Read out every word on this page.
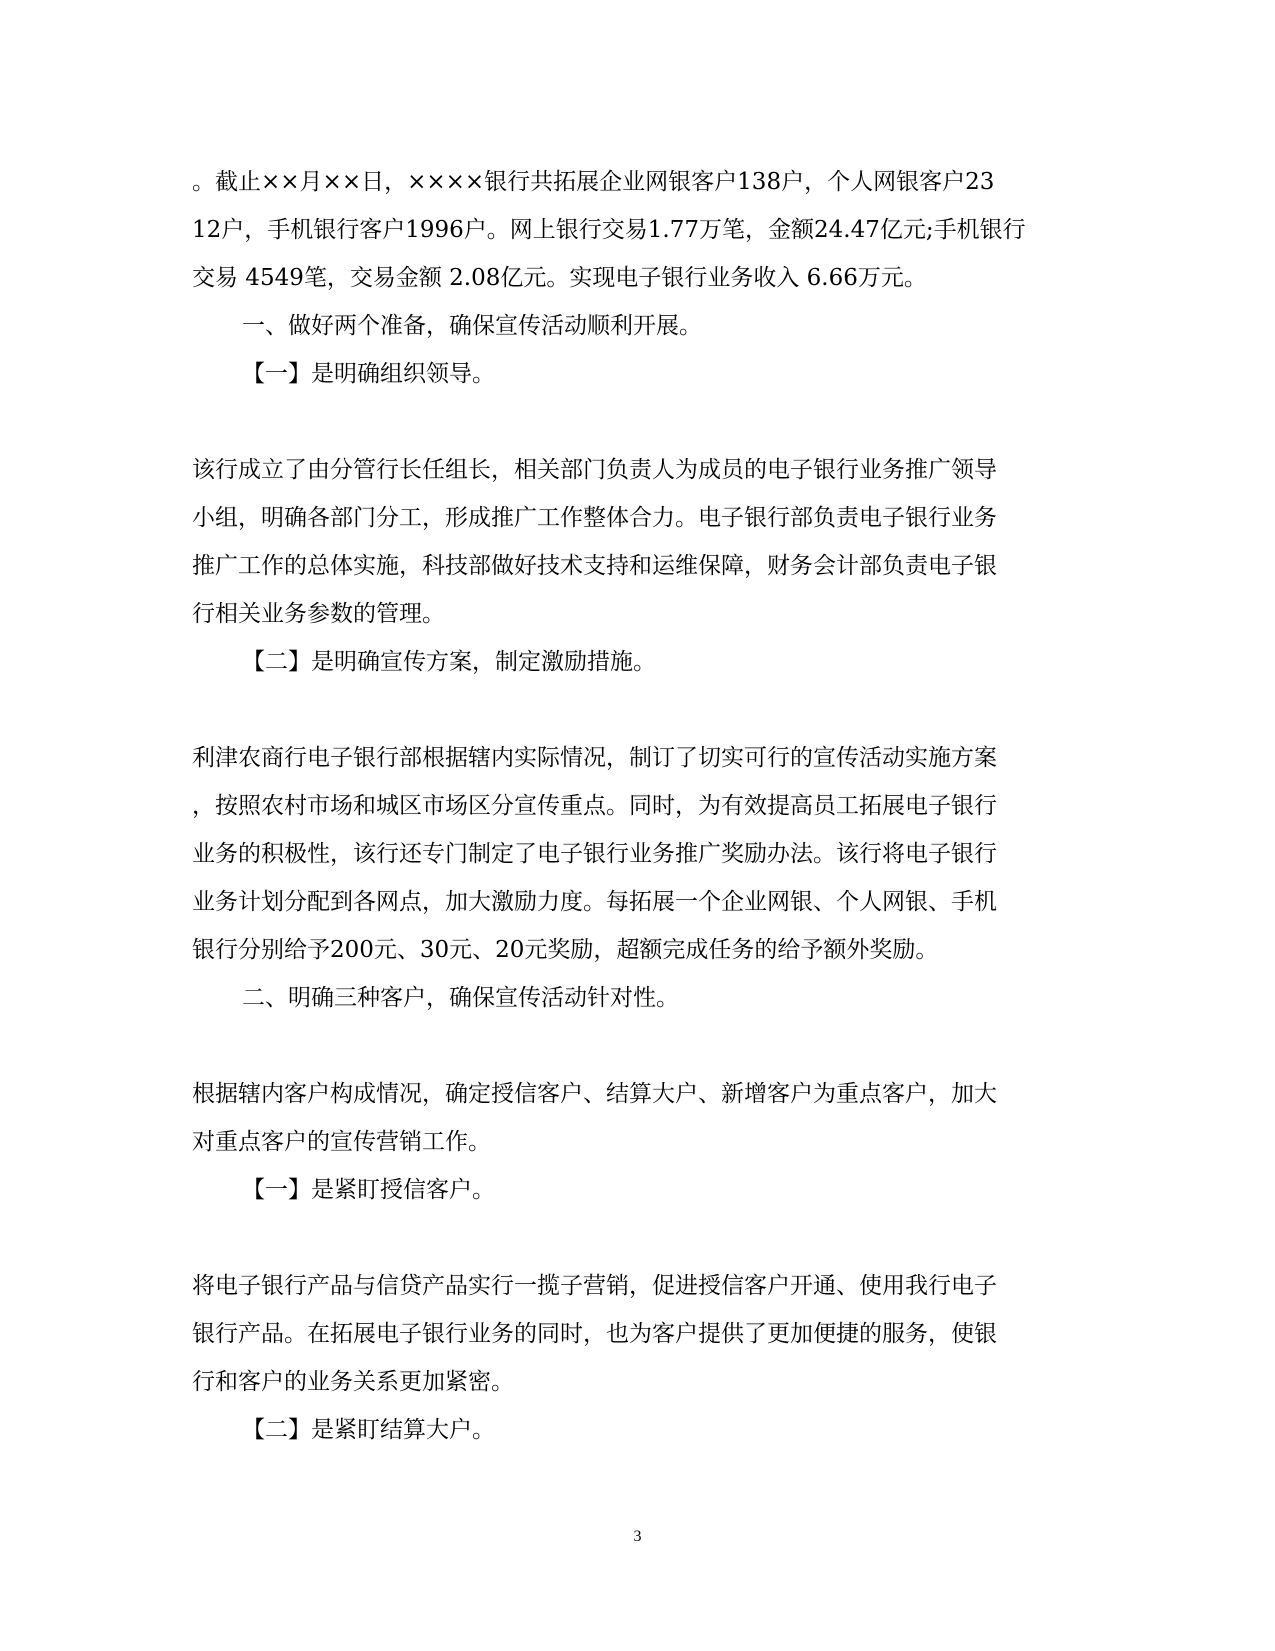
。截止××月××日，××××银行共拓展企业网银客户138户，个人网银客户23
12户，手机银行客户1996户。网上银行交易1.77万笔，金额24.47亿元;手机银行
交易 4549笔，交易金额 2.08亿元。实现电子银行业务收入 6.66万元。
一、做好两个准备，确保宣传活动顺利开展。
【一】是明确组织领导。
该行成立了由分管行长任组长，相关部门负责人为成员的电子银行业务推广领导
小组，明确各部门分工，形成推广工作整体合力。电子银行部负责电子银行业务
推广工作的总体实施，科技部做好技术支持和运维保障，财务会计部负责电子银
行相关业务参数的管理。
【二】是明确宣传方案，制定激励措施。
利津农商行电子银行部根据辖内实际情况，制订了切实可行的宣传活动实施方案
，按照农村市场和城区市场区分宣传重点。同时，为有效提高员工拓展电子银行
业务的积极性，该行还专门制定了电子银行业务推广奖励办法。该行将电子银行
业务计划分配到各网点，加大激励力度。每拓展一个企业网银、个人网银、手机
银行分别给予200元、30元、20元奖励，超额完成任务的给予额外奖励。
二、明确三种客户，确保宣传活动针对性。
根据辖内客户构成情况，确定授信客户、结算大户、新增客户为重点客户，加大
对重点客户的宣传营销工作。
【一】是紧盯授信客户。
将电子银行产品与信贷产品实行一揽子营销，促进授信客户开通、使用我行电子
银行产品。在拓展电子银行业务的同时，也为客户提供了更加便捷的服务，使银
行和客户的业务关系更加紧密。
【二】是紧盯结算大户。
3
